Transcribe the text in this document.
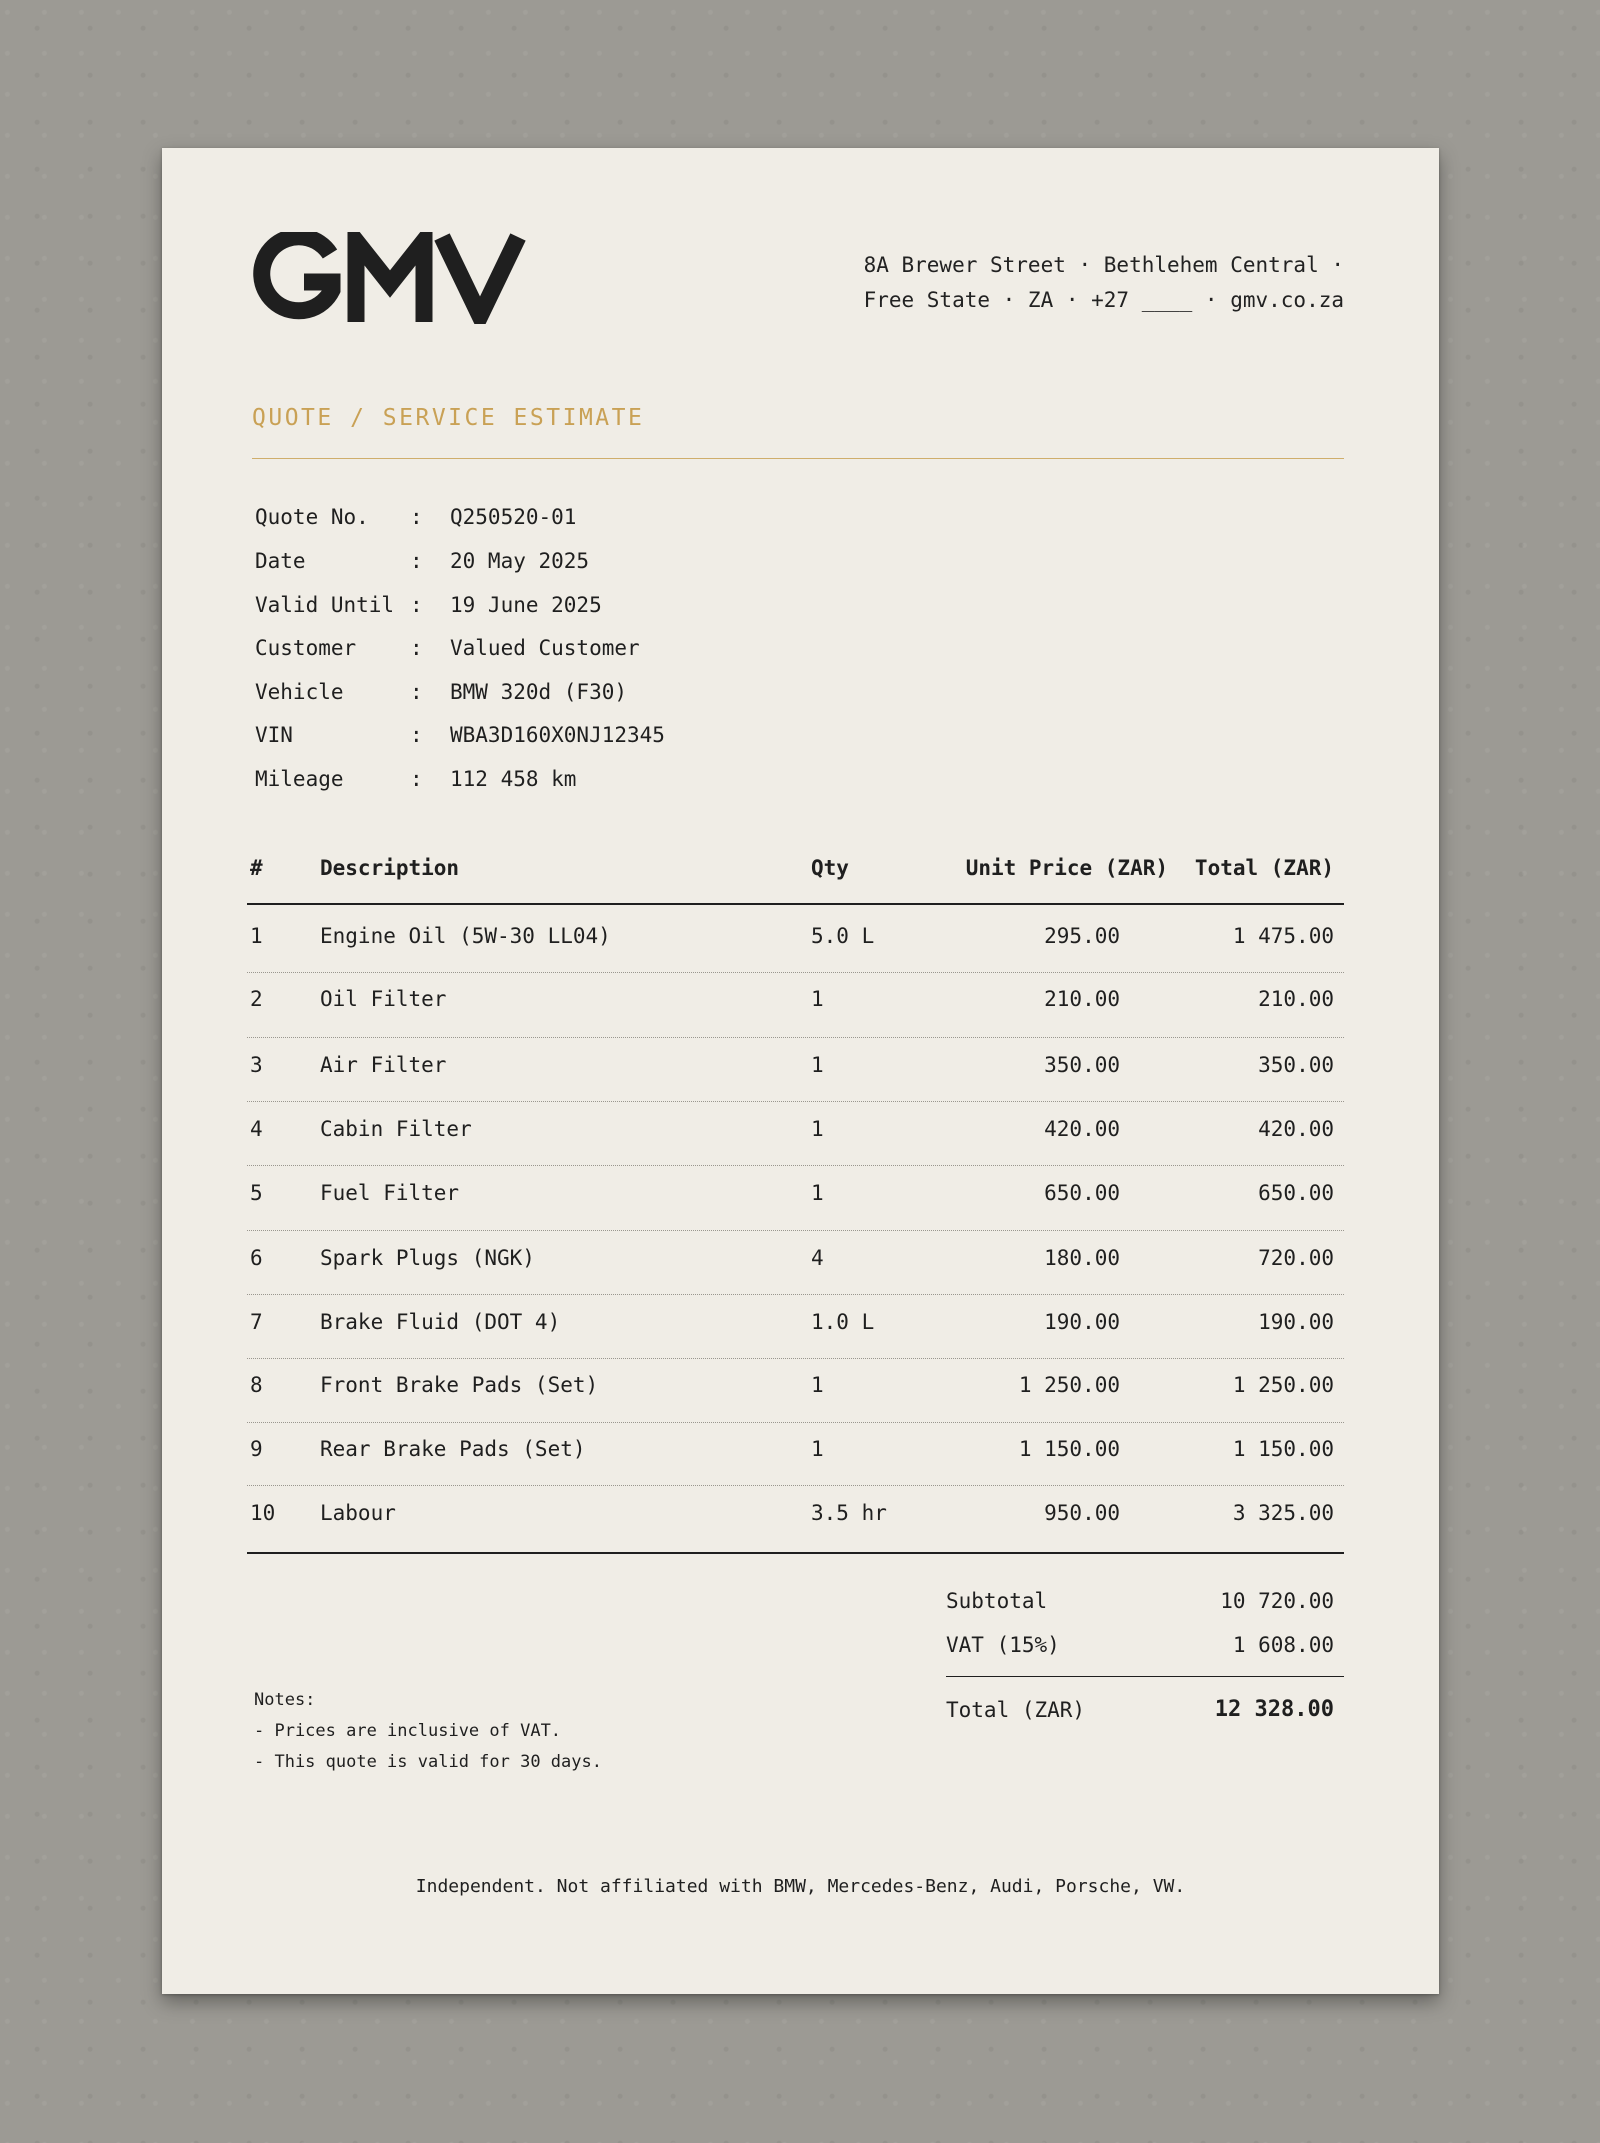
8A Brewer Street · Bethlehem Central ·
Free State · ZA · +27 ____ · gmv.co.za
QUOTE / SERVICE ESTIMATE
Quote No.	: Q250520-01
Date	: 20 May 2025
Valid Until : 19 June 2025
Customer	: Valued Customer
Vehicle	: BMW 320d (F30)
VIN	: WBA3D160X0NJ12345
Mileage	: 112 458 km
#	Description	Qty	Unit Price (ZAR)	Total (ZAR)
1	Engine Oil (5W-30 LL04)	5.0 L	295.00	1 475.00
2	Oil Filter	1	210.00	210.00
3	Air Filter	1	350.00	350.00
4	Cabin Filter	1	420.00	420.00
5	Fuel Filter	1	650.00	650.00
6	Spark Plugs (NGK)	4	180.00	720.00
7	Brake Fluid (DOT 4)	1.0 L	190.00	190.00
8	Front Brake Pads (Set)	1	1 250.00	1 250.00
9	Rear Brake Pads (Set)	1	1 150.00	1 150.00
10 Labour	3.5 hr	950.00	3 325.00
Subtotal	10 720.00
VAT (15%)	1 608.00
Total (ZAR)	12 328.00
Notes:
- Prices are inclusive of VAT.
- This quote is valid for 30 days.
Independent. Not affiliated with BMW, Mercedes-Benz, Audi, Porsche, VW.
